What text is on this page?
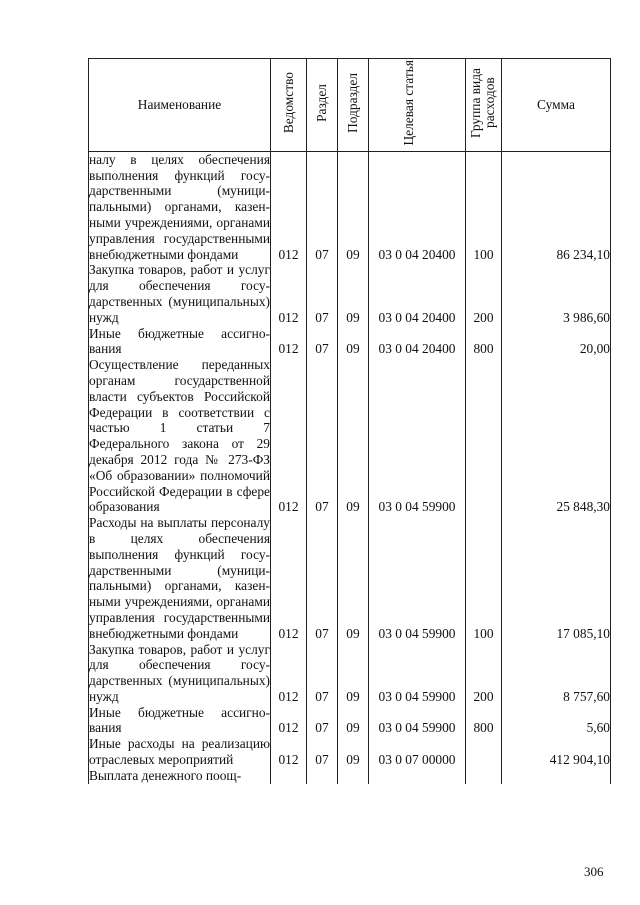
Наименование	Ведомство	Раздел	Подраздел	Целевая статья	Группа вида расходов	Сумма
налу в целях обеспечения выполнения функций государственными (муниципальными) органами, казенными учреждениями, органами управления государственными внебюджетными фондами	012	07	09	03 0 04 20400	100	86 234,10
Закупка товаров, работ и услуг для обеспечения государственных (муниципальных) нужд	012	07	09	03 0 04 20400	200	3 986,60
Иные бюджетные ассигнования	012	07	09	03 0 04 20400	800	20,00
Осуществление переданных органам государственной власти субъектов Российской Федерации в соответствии с частью 1 статьи 7 Федерального закона от 29 декабря 2012 года № 273-ФЗ «Об образовании» полномочий Российской Федерации в сфере образования	012	07	09	03 0 04 59900		25 848,30
Расходы на выплаты персоналу в целях обеспечения выполнения функций государственными (муниципальными) органами, казенными учреждениями, органами управления государственными внебюджетными фондами	012	07	09	03 0 04 59900	100	17 085,10
Закупка товаров, работ и услуг для обеспечения государственных (муниципальных) нужд	012	07	09	03 0 04 59900	200	8 757,60
Иные бюджетные ассигнования	012	07	09	03 0 04 59900	800	5,60
Иные расходы на реализацию отраслевых мероприятий	012	07	09	03 0 07 00000		412 904,10
Выплата денежного поощ-						
306
